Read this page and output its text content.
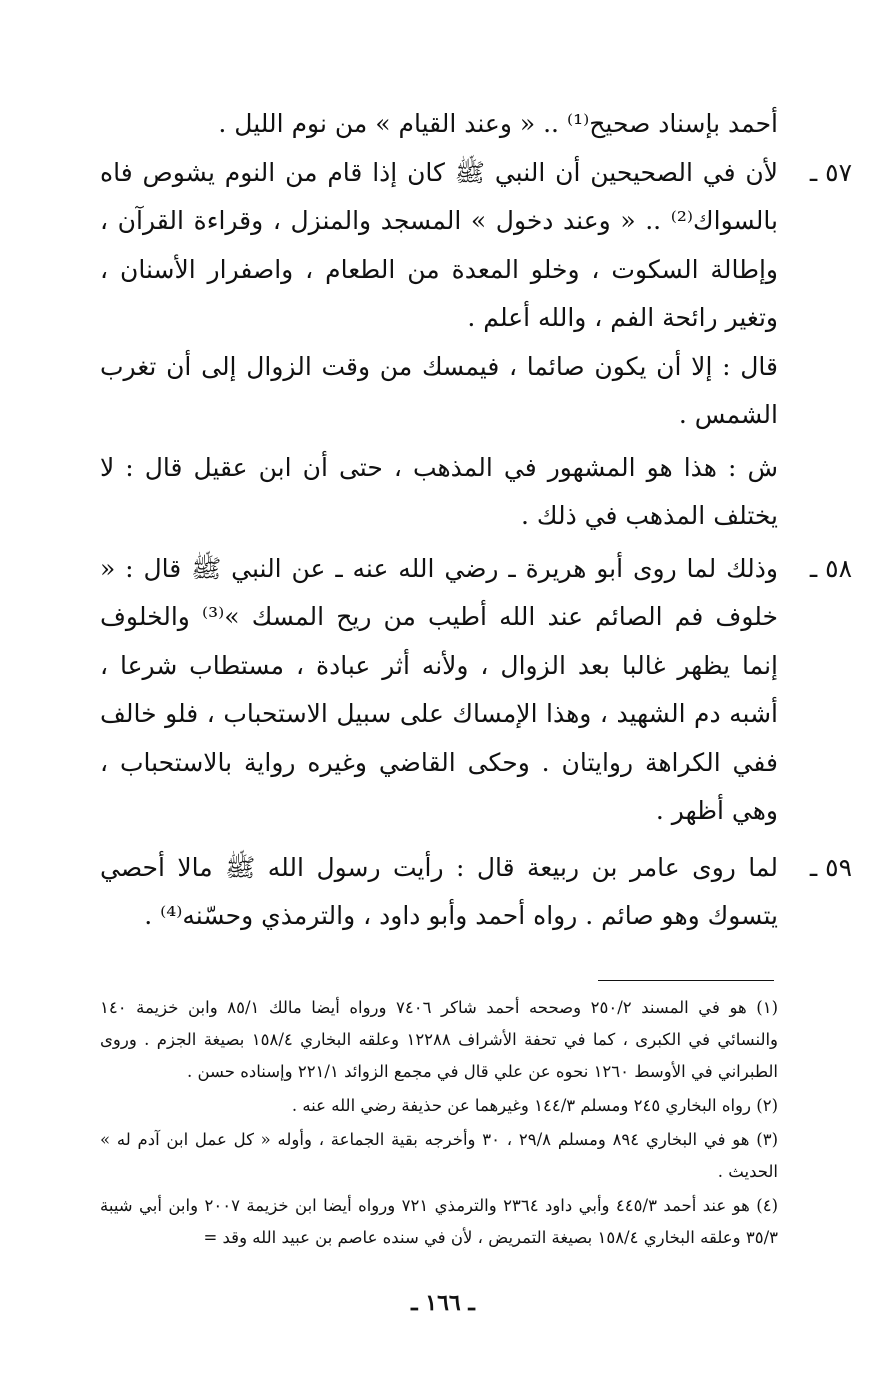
أحمد بإسناد صحيح⁽¹⁾ .. « وعند القيام » من نوم الليل .

٥٧ ـ
لأن في الصحيحين أن النبي ﷺ كان إذا قام من النوم يشوص فاه بالسواك⁽²⁾ .. « وعند دخول » المسجد والمنزل ، وقراءة القرآن ، وإطالة السكوت ، وخلو المعدة من الطعام ، واصفرار الأسنان ، وتغير رائحة الفم ، والله أعلم .

قال : إلا أن يكون صائما ، فيمسك من وقت الزوال إلى أن تغرب الشمس .

ش : هذا هو المشهور في المذهب ، حتى أن ابن عقيل قال : لا يختلف المذهب في ذلك .

٥٨ ـ
وذلك لما روى أبو هريرة ـ رضي الله عنه ـ عن النبي ﷺ قال : « خلوف فم الصائم عند الله أطيب من ريح المسك »⁽³⁾ والخلوف إنما يظهر غالبا بعد الزوال ، ولأنه أثر عبادة ، مستطاب شرعا ، أشبه دم الشهيد ، وهذا الإمساك على سبيل الاستحباب ، فلو خالف ففي الكراهة روايتان . وحكى القاضي وغيره رواية بالاستحباب ، وهي أظهر .

٥٩ ـ
لما روى عامر بن ربيعة قال : رأيت رسول الله ﷺ مالا أحصي يتسوك وهو صائم . رواه أحمد وأبو داود ، والترمذي وحسّنه⁽⁴⁾ .

(١) هو في المسند ٢٥٠/٢ وصححه أحمد شاكر ٧٤٠٦ ورواه أيضا مالك ٨٥/١ وابن خزيمة ١٤٠ والنسائي في الكبرى ، كما في تحفة الأشراف ١٢٢٨٨ وعلقه البخاري ١٥٨/٤ بصيغة الجزم . وروى الطبراني في الأوسط ١٢٦٠ نحوه عن علي قال في مجمع الزوائد ٢٢١/١ وإسناده حسن .

(٢) رواه البخاري ٢٤٥ ومسلم ١٤٤/٣ وغيرهما عن حذيفة رضي الله عنه .

(٣) هو في البخاري ٨٩٤ ومسلم ٢٩/٨ ، ٣٠ وأخرجه بقية الجماعة ، وأوله « كل عمل ابن آدم له » الحديث .

(٤) هو عند أحمد ٤٤٥/٣ وأبي داود ٢٣٦٤ والترمذي ٧٢١ ورواه أيضا ابن خزيمة ٢٠٠٧ وابن أبي شيبة ٣٥/٣ وعلقه البخاري ١٥٨/٤ بصيغة التمريض ، لأن في سنده عاصم بن عبيد الله وقد =

ـ ١٦٦ ـ
